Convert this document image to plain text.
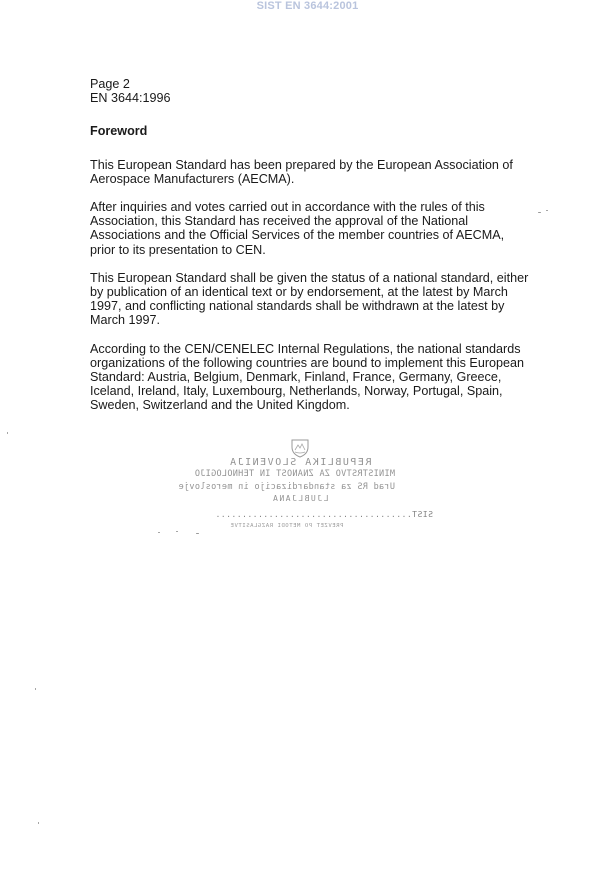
SIST EN 3644:2001

Page 2

EN 3644:1996

Foreword

This European Standard has been prepared by the European Association of Aerospace Manufacturers (AECMA).

After inquiries and votes carried out in accordance with the rules of this Association, this Standard has received the approval of the National Associations and the Official Services of the member countries of AECMA, prior to its presentation to CEN.

This European Standard shall be given the status of a national standard, either by publication of an identical text or by endorsement, at the latest by March 1997, and conflicting national standards shall be withdrawn at the latest by March 1997.

According to the CEN/CENELEC Internal Regulations, the national standards organizations of the following countries are bound to implement this European Standard: Austria, Belgium, Denmark, Finland, France, Germany, Greece, Iceland, Ireland, Italy, Luxembourg, Netherlands, Norway, Portugal, Spain, Sweden, Switzerland and the United Kingdom.

REPUBLIKA SLOVENIJA
MINISTRSTVO ZA ZNANOST IN TEHNOLOGIJO
Urad RS za standardizacijo in meroslovje
LJUBLJANA
SIST.....................................
PREVZET PO METODI RAZGLASITVE
